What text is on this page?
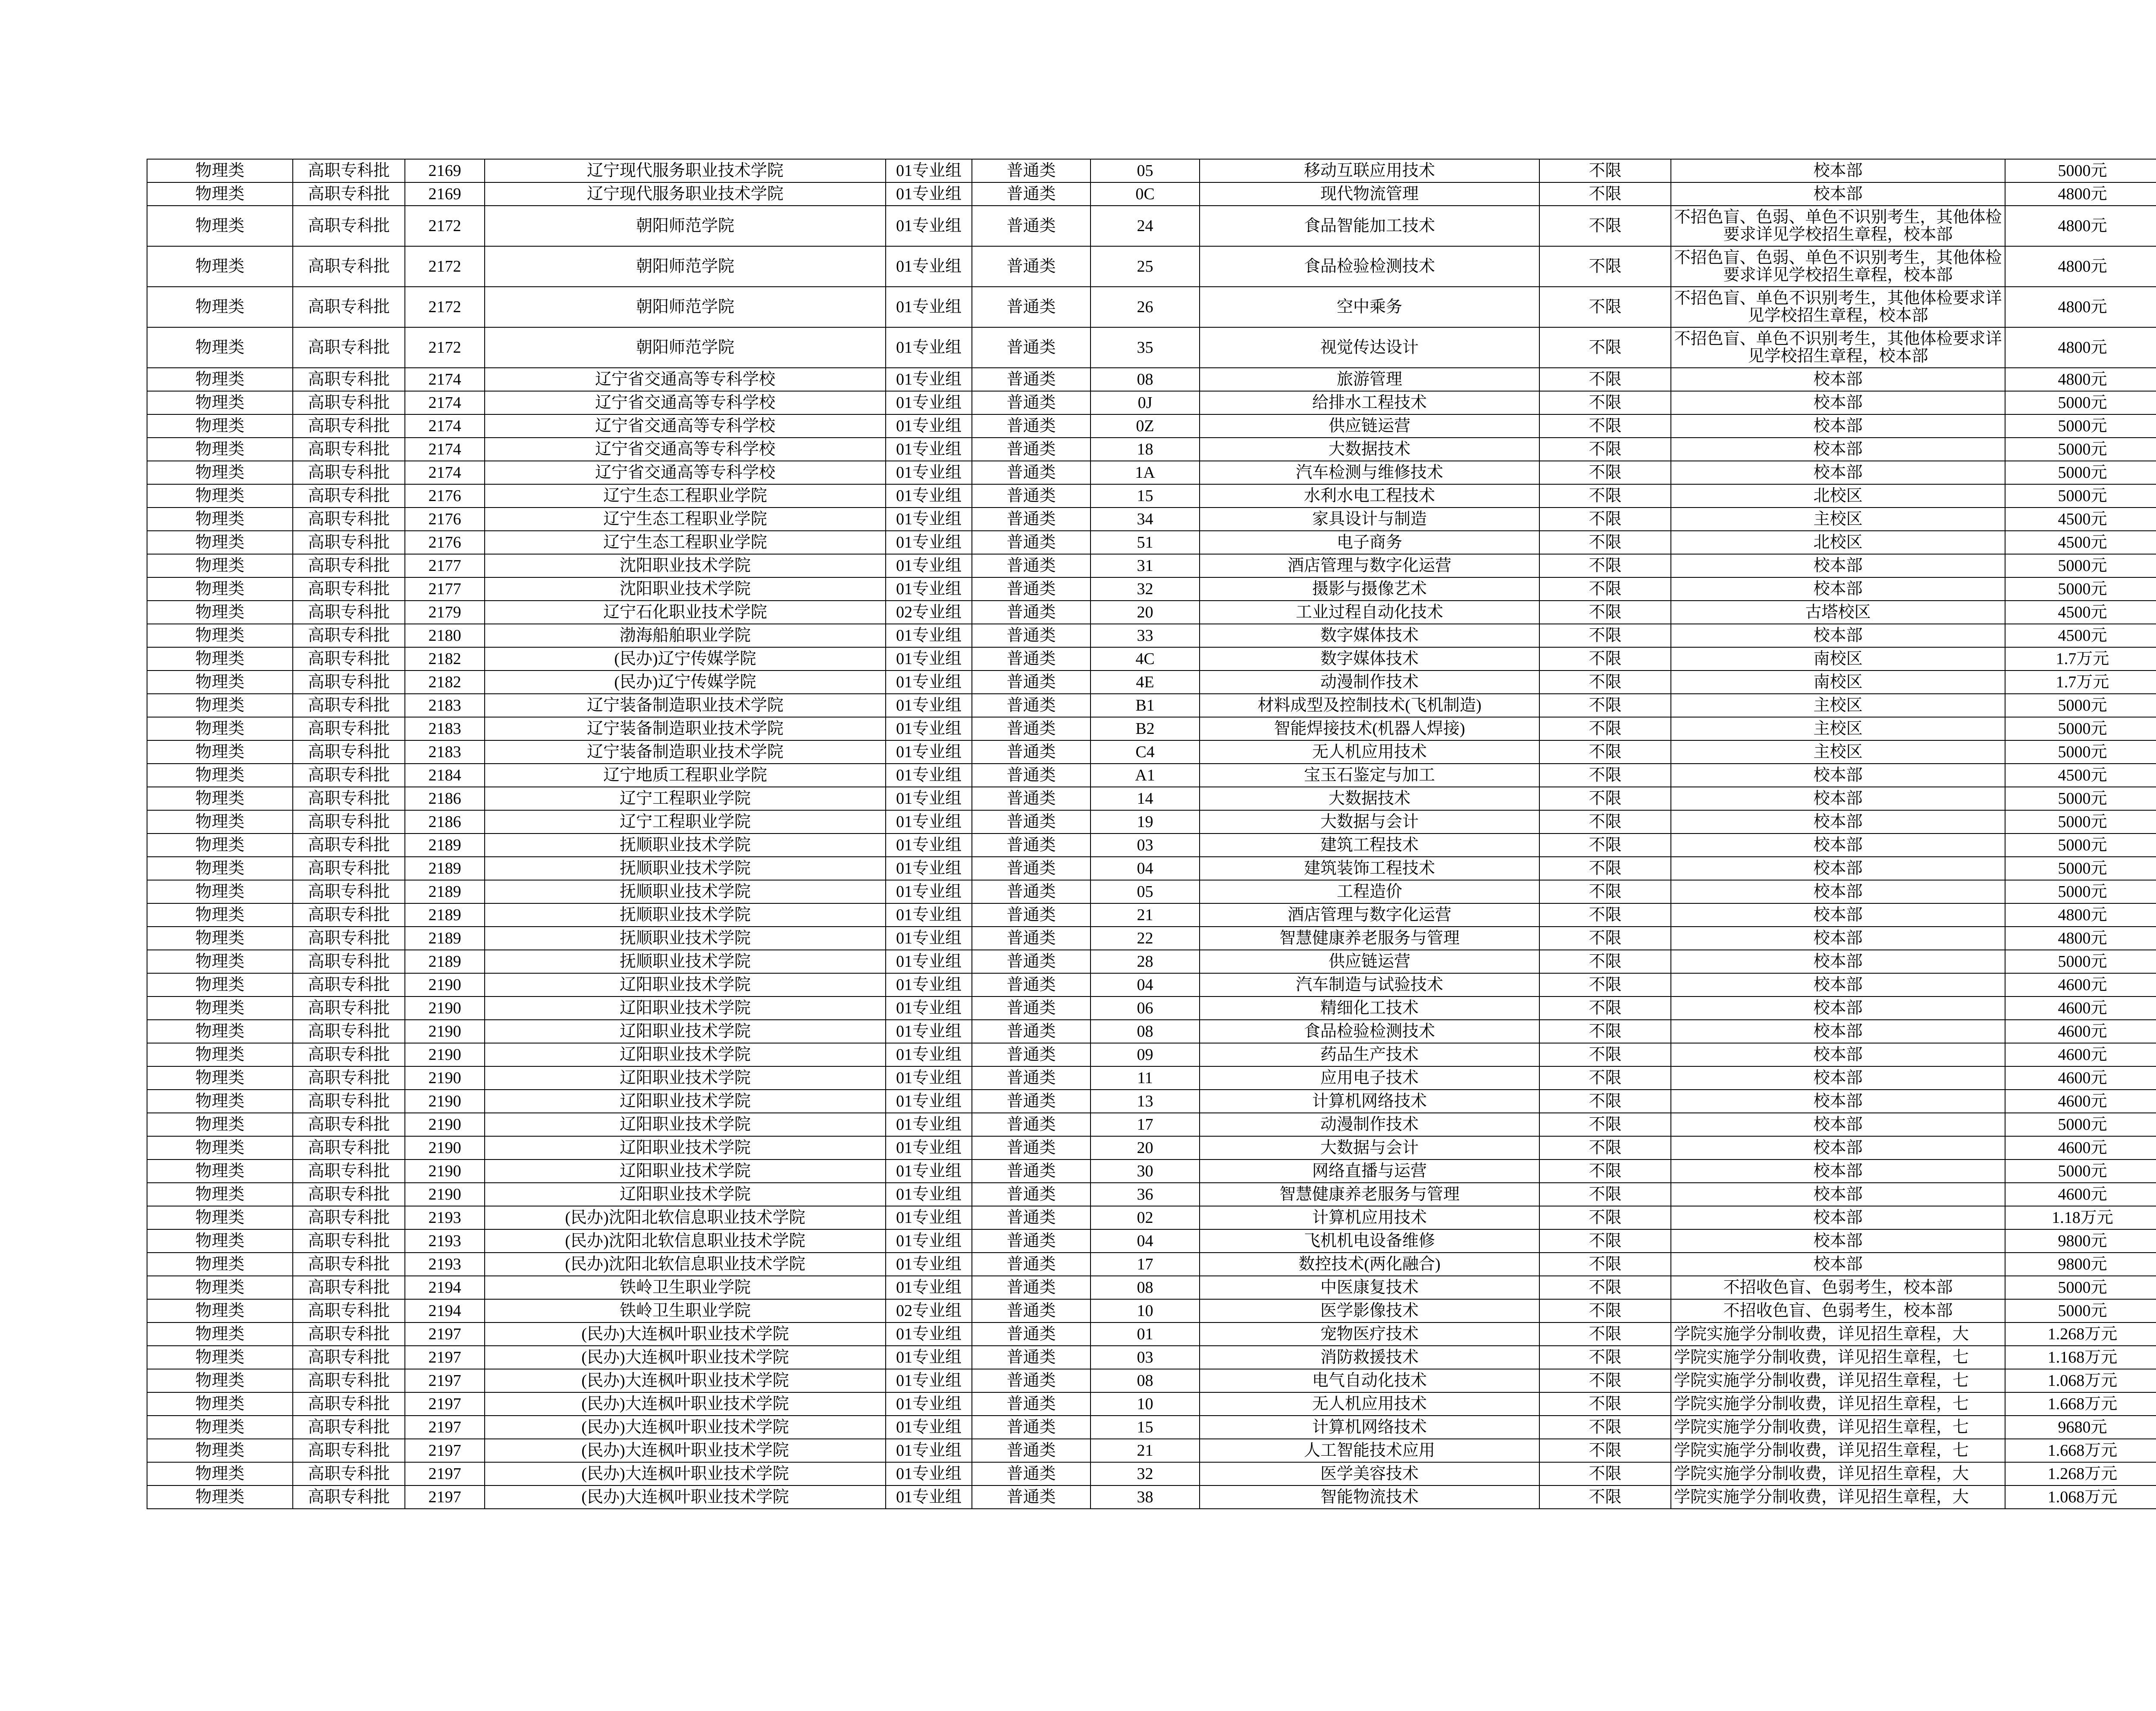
物理类	高职专科批	2169	辽宁现代服务职业技术学院	01专业组	普通类	05	移动互联应用技术	不限	校本部	5000元	
物理类	高职专科批	2169	辽宁现代服务职业技术学院	01专业组	普通类	0C	现代物流管理	不限	校本部	4800元	
物理类	高职专科批	2172	朝阳师范学院	01专业组	普通类	24	食品智能加工技术	不限	不招色盲、色弱、单色不识别考生，其他体检要求详见学校招生章程，校本部	4800元	
物理类	高职专科批	2172	朝阳师范学院	01专业组	普通类	25	食品检验检测技术	不限	不招色盲、色弱、单色不识别考生，其他体检要求详见学校招生章程，校本部	4800元	
物理类	高职专科批	2172	朝阳师范学院	01专业组	普通类	26	空中乘务	不限	不招色盲、单色不识别考生，其他体检要求详见学校招生章程，校本部	4800元	
物理类	高职专科批	2172	朝阳师范学院	01专业组	普通类	35	视觉传达设计	不限	不招色盲、单色不识别考生，其他体检要求详见学校招生章程，校本部	4800元	
物理类	高职专科批	2174	辽宁省交通高等专科学校	01专业组	普通类	08	旅游管理	不限	校本部	4800元	
物理类	高职专科批	2174	辽宁省交通高等专科学校	01专业组	普通类	0J	给排水工程技术	不限	校本部	5000元	
物理类	高职专科批	2174	辽宁省交通高等专科学校	01专业组	普通类	0Z	供应链运营	不限	校本部	5000元	
物理类	高职专科批	2174	辽宁省交通高等专科学校	01专业组	普通类	18	大数据技术	不限	校本部	5000元	
物理类	高职专科批	2174	辽宁省交通高等专科学校	01专业组	普通类	1A	汽车检测与维修技术	不限	校本部	5000元	
物理类	高职专科批	2176	辽宁生态工程职业学院	01专业组	普通类	15	水利水电工程技术	不限	北校区	5000元	
物理类	高职专科批	2176	辽宁生态工程职业学院	01专业组	普通类	34	家具设计与制造	不限	主校区	4500元	
物理类	高职专科批	2176	辽宁生态工程职业学院	01专业组	普通类	51	电子商务	不限	北校区	4500元	
物理类	高职专科批	2177	沈阳职业技术学院	01专业组	普通类	31	酒店管理与数字化运营	不限	校本部	5000元	
物理类	高职专科批	2177	沈阳职业技术学院	01专业组	普通类	32	摄影与摄像艺术	不限	校本部	5000元	
物理类	高职专科批	2179	辽宁石化职业技术学院	02专业组	普通类	20	工业过程自动化技术	不限	古塔校区	4500元	
物理类	高职专科批	2180	渤海船舶职业学院	01专业组	普通类	33	数字媒体技术	不限	校本部	4500元	
物理类	高职专科批	2182	(民办)辽宁传媒学院	01专业组	普通类	4C	数字媒体技术	不限	南校区	1.7万元	
物理类	高职专科批	2182	(民办)辽宁传媒学院	01专业组	普通类	4E	动漫制作技术	不限	南校区	1.7万元	
物理类	高职专科批	2183	辽宁装备制造职业技术学院	01专业组	普通类	B1	材料成型及控制技术(飞机制造)	不限	主校区	5000元	
物理类	高职专科批	2183	辽宁装备制造职业技术学院	01专业组	普通类	B2	智能焊接技术(机器人焊接)	不限	主校区	5000元	
物理类	高职专科批	2183	辽宁装备制造职业技术学院	01专业组	普通类	C4	无人机应用技术	不限	主校区	5000元	
物理类	高职专科批	2184	辽宁地质工程职业学院	01专业组	普通类	A1	宝玉石鉴定与加工	不限	校本部	4500元	
物理类	高职专科批	2186	辽宁工程职业学院	01专业组	普通类	14	大数据技术	不限	校本部	5000元	
物理类	高职专科批	2186	辽宁工程职业学院	01专业组	普通类	19	大数据与会计	不限	校本部	5000元	
物理类	高职专科批	2189	抚顺职业技术学院	01专业组	普通类	03	建筑工程技术	不限	校本部	5000元	
物理类	高职专科批	2189	抚顺职业技术学院	01专业组	普通类	04	建筑装饰工程技术	不限	校本部	5000元	
物理类	高职专科批	2189	抚顺职业技术学院	01专业组	普通类	05	工程造价	不限	校本部	5000元	
物理类	高职专科批	2189	抚顺职业技术学院	01专业组	普通类	21	酒店管理与数字化运营	不限	校本部	4800元	
物理类	高职专科批	2189	抚顺职业技术学院	01专业组	普通类	22	智慧健康养老服务与管理	不限	校本部	4800元	
物理类	高职专科批	2189	抚顺职业技术学院	01专业组	普通类	28	供应链运营	不限	校本部	5000元	
物理类	高职专科批	2190	辽阳职业技术学院	01专业组	普通类	04	汽车制造与试验技术	不限	校本部	4600元	
物理类	高职专科批	2190	辽阳职业技术学院	01专业组	普通类	06	精细化工技术	不限	校本部	4600元	
物理类	高职专科批	2190	辽阳职业技术学院	01专业组	普通类	08	食品检验检测技术	不限	校本部	4600元	
物理类	高职专科批	2190	辽阳职业技术学院	01专业组	普通类	09	药品生产技术	不限	校本部	4600元	
物理类	高职专科批	2190	辽阳职业技术学院	01专业组	普通类	11	应用电子技术	不限	校本部	4600元	
物理类	高职专科批	2190	辽阳职业技术学院	01专业组	普通类	13	计算机网络技术	不限	校本部	4600元	
物理类	高职专科批	2190	辽阳职业技术学院	01专业组	普通类	17	动漫制作技术	不限	校本部	5000元	
物理类	高职专科批	2190	辽阳职业技术学院	01专业组	普通类	20	大数据与会计	不限	校本部	4600元	
物理类	高职专科批	2190	辽阳职业技术学院	01专业组	普通类	30	网络直播与运营	不限	校本部	5000元	
物理类	高职专科批	2190	辽阳职业技术学院	01专业组	普通类	36	智慧健康养老服务与管理	不限	校本部	4600元	
物理类	高职专科批	2193	(民办)沈阳北软信息职业技术学院	01专业组	普通类	02	计算机应用技术	不限	校本部	1.18万元	
物理类	高职专科批	2193	(民办)沈阳北软信息职业技术学院	01专业组	普通类	04	飞机机电设备维修	不限	校本部	9800元	
物理类	高职专科批	2193	(民办)沈阳北软信息职业技术学院	01专业组	普通类	17	数控技术(两化融合)	不限	校本部	9800元	
物理类	高职专科批	2194	铁岭卫生职业学院	01专业组	普通类	08	中医康复技术	不限	不招收色盲、色弱考生，校本部	5000元	
物理类	高职专科批	2194	铁岭卫生职业学院	02专业组	普通类	10	医学影像技术	不限	不招收色盲、色弱考生，校本部	5000元	
物理类	高职专科批	2197	(民办)大连枫叶职业技术学院	01专业组	普通类	01	宠物医疗技术	不限	学院实施学分制收费，详见招生章程，大	1.268万元	
物理类	高职专科批	2197	(民办)大连枫叶职业技术学院	01专业组	普通类	03	消防救援技术	不限	学院实施学分制收费，详见招生章程，七	1.168万元	
物理类	高职专科批	2197	(民办)大连枫叶职业技术学院	01专业组	普通类	08	电气自动化技术	不限	学院实施学分制收费，详见招生章程，七	1.068万元	
物理类	高职专科批	2197	(民办)大连枫叶职业技术学院	01专业组	普通类	10	无人机应用技术	不限	学院实施学分制收费，详见招生章程，七	1.668万元	
物理类	高职专科批	2197	(民办)大连枫叶职业技术学院	01专业组	普通类	15	计算机网络技术	不限	学院实施学分制收费，详见招生章程，七	9680元	
物理类	高职专科批	2197	(民办)大连枫叶职业技术学院	01专业组	普通类	21	人工智能技术应用	不限	学院实施学分制收费，详见招生章程，七	1.668万元	
物理类	高职专科批	2197	(民办)大连枫叶职业技术学院	01专业组	普通类	32	医学美容技术	不限	学院实施学分制收费，详见招生章程，大	1.268万元	
物理类	高职专科批	2197	(民办)大连枫叶职业技术学院	01专业组	普通类	38	智能物流技术	不限	学院实施学分制收费，详见招生章程，大	1.068万元	
